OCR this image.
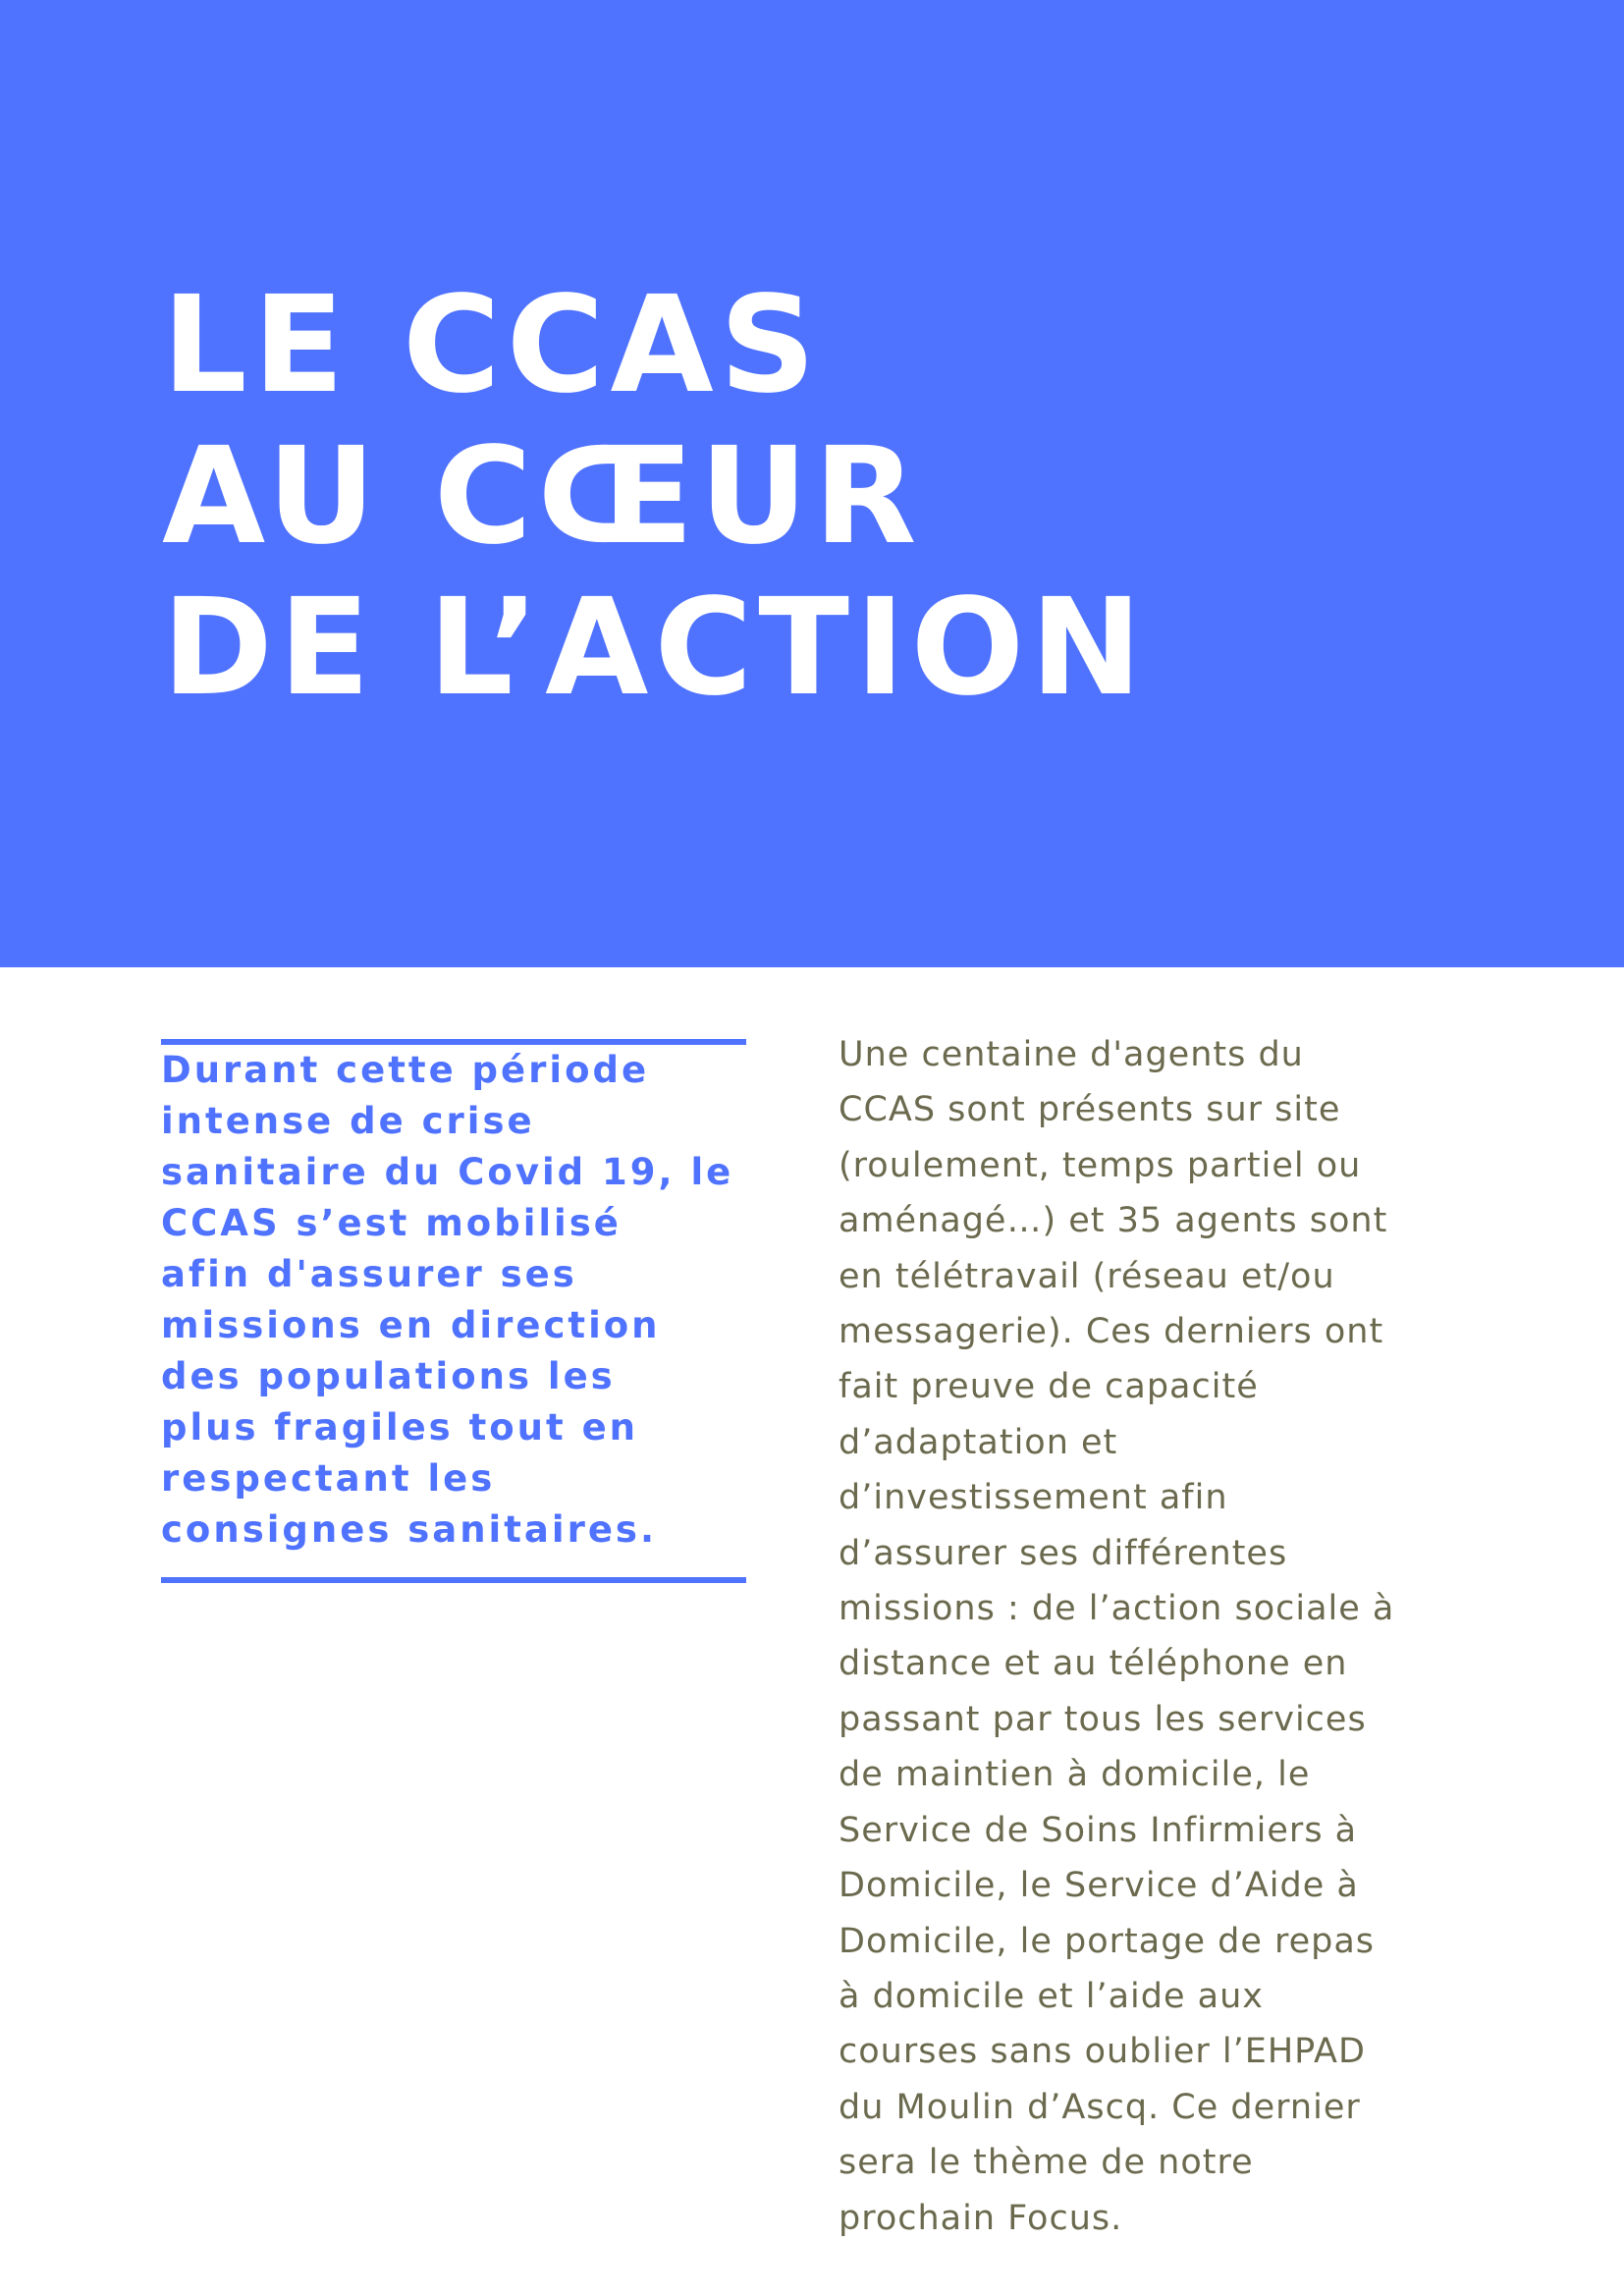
LE CCAS
AU CŒUR
DE L’ACTION

Durant cette période
intense de crise
sanitaire du Covid 19, le
CCAS s’est mobilisé
afin d'assurer ses
missions en direction
des populations les
plus fragiles tout en
respectant les
consignes sanitaires.

Une centaine d'agents du
CCAS sont présents sur site
(roulement, temps partiel ou
aménagé…) et 35 agents sont
en télétravail (réseau et/ou
messagerie). Ces derniers ont
fait preuve de capacité
d’adaptation et
d’investissement afin
d’assurer ses différentes
missions : de l’action sociale à
distance et au téléphone en
passant par tous les services
de maintien à domicile, le
Service de Soins Infirmiers à
Domicile, le Service d’Aide à
Domicile, le portage de repas
à domicile et l’aide aux
courses sans oublier l’EHPAD
du Moulin d’Ascq. Ce dernier
sera le thème de notre
prochain Focus.
